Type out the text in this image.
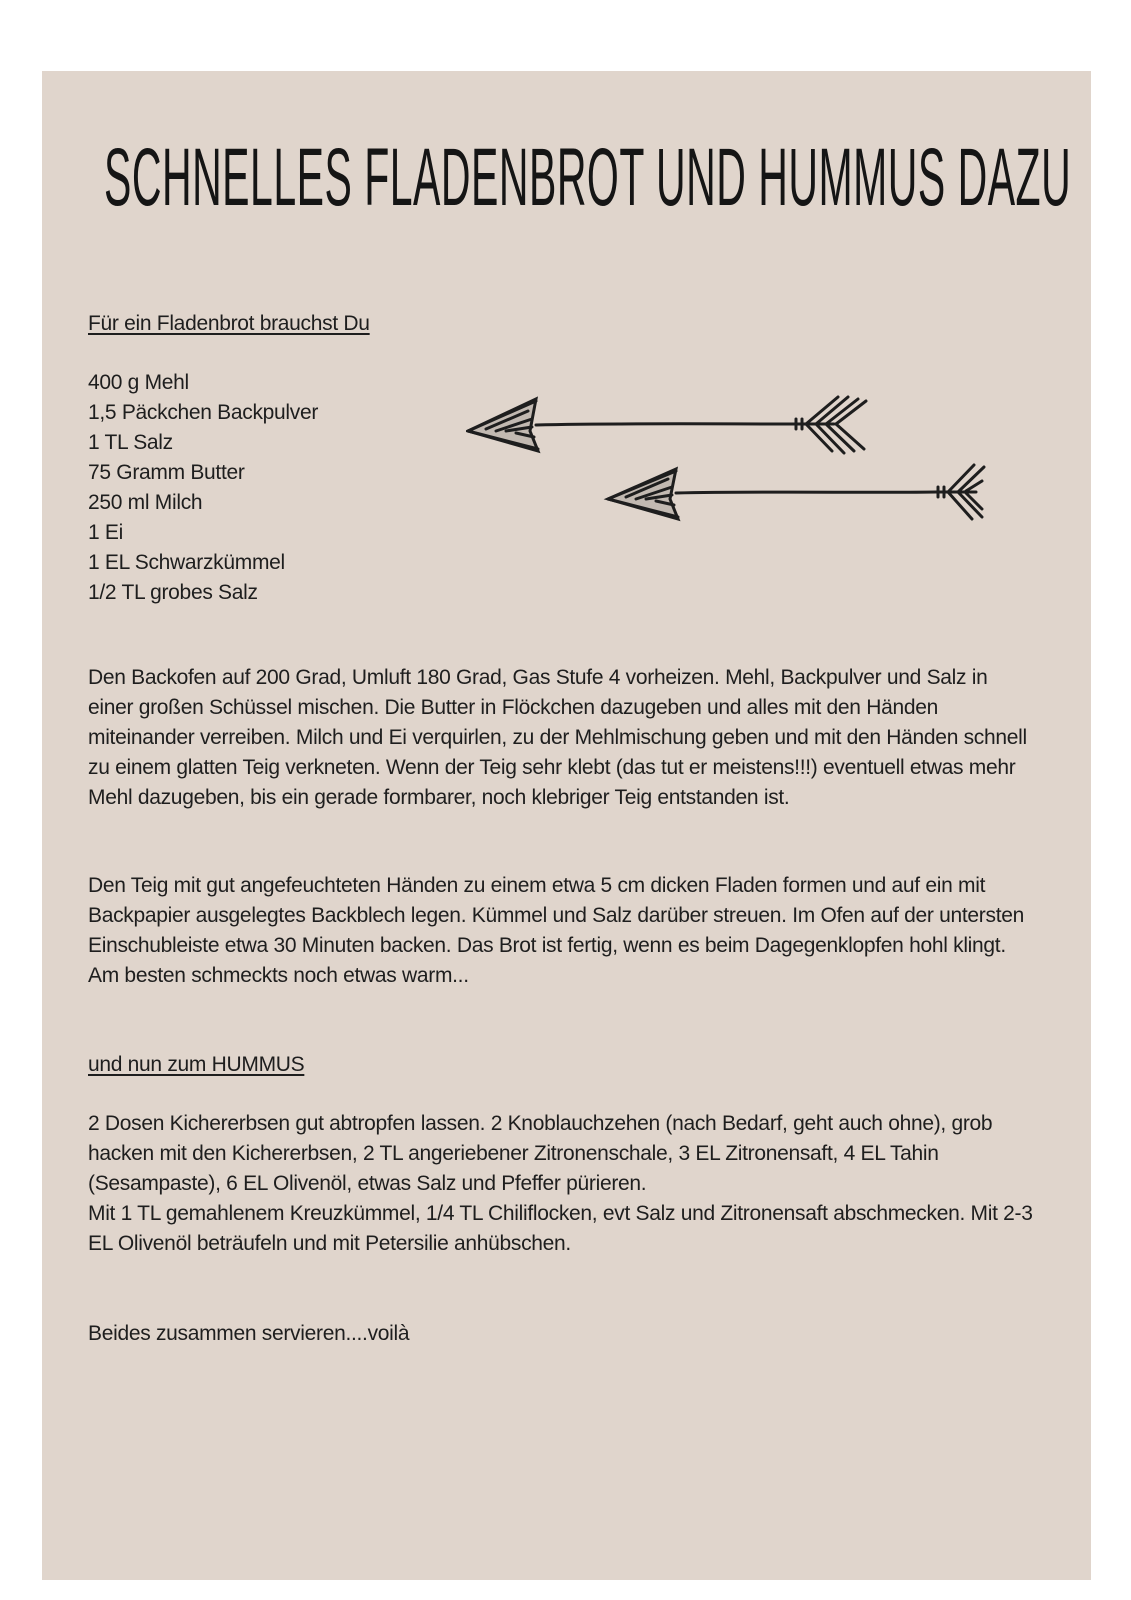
SCHNELLES FLADENBROT UND HUMMUS DAZU

Für ein Fladenbrot brauchst Du

400 g Mehl
1,5 Päckchen Backpulver
1 TL Salz
75 Gramm Butter
250 ml Milch
1 Ei
1 EL Schwarzkümmel
1/2 TL grobes Salz

Den Backofen auf 200 Grad, Umluft 180 Grad, Gas Stufe 4 vorheizen. Mehl, Backpulver und Salz in einer großen Schüssel mischen. Die Butter in Flöckchen dazugeben und alles mit den Händen miteinander verreiben. Milch und Ei verquirlen, zu der Mehlmischung geben und mit den Händen schnell zu einem glatten Teig verkneten. Wenn der Teig sehr klebt (das tut er meistens!!!) eventuell etwas mehr Mehl dazugeben, bis ein gerade formbarer, noch klebriger Teig entstanden ist.

Den Teig mit gut angefeuchteten Händen zu einem etwa 5 cm dicken Fladen formen und auf ein mit Backpapier ausgelegtes Backblech legen. Kümmel und Salz darüber streuen. Im Ofen auf der untersten Einschubleiste etwa 30 Minuten backen. Das Brot ist fertig, wenn es beim Dagegenklopfen hohl klingt. Am besten schmeckts noch etwas warm...

und nun zum HUMMUS

2 Dosen Kichererbsen gut abtropfen lassen. 2 Knoblauchzehen (nach Bedarf, geht auch ohne), grob hacken mit den Kichererbsen, 2 TL angeriebener Zitronenschale, 3 EL Zitronensaft, 4 EL Tahin (Sesampaste), 6 EL Olivenöl, etwas Salz und Pfeffer pürieren.

Mit 1 TL gemahlenem Kreuzkümmel, 1/4 TL Chiliflocken, evt Salz und Zitronensaft abschmecken. Mit 2-3 EL Olivenöl beträufeln und mit Petersilie anhübschen.

Beides zusammen servieren....voilà
